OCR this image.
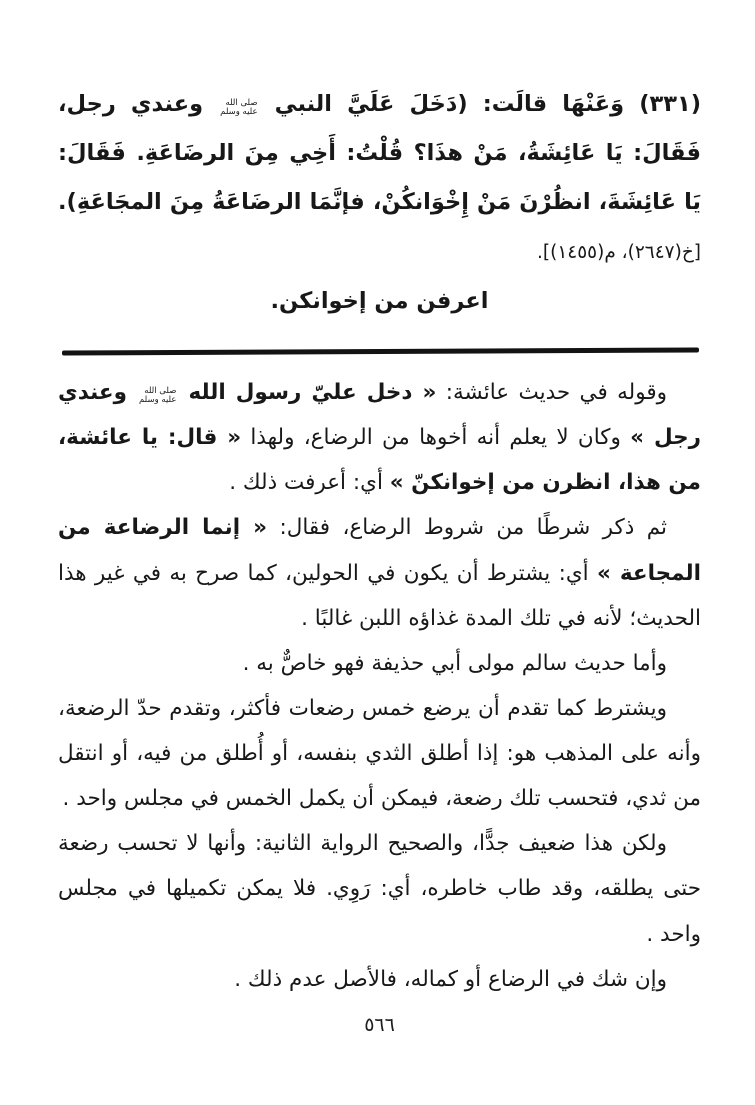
(٣٣١) وَعَنْهَا قالَت: (دَخَلَ عَلَيَّ النبي
صلى الله
عليه وسلم
وعندي رجل، فَقَالَ: يَا عَائِشَةُ، مَنْ هذَا؟ قُلْتُ: أَخِي مِنَ الرضَاعَةِ. فَقَالَ: يَا عَائِشَةَ، انظُرْنَ مَنْ إِخْوَانكُنْ، فإنَّمَا الرضَاعَةُ مِنَ المجَاعَةِ). [خ(٢٦٤٧)، م(١٤٥٥)].

اعرفن من إخوانكن.

وقوله في حديث عائشة: « دخل عليّ رسول الله
صلى الله
عليه وسلم
وعندي رجل » وكان لا يعلم أنه أخوها من الرضاع، ولهذا « قال: يا عائشة، من هذا، انظرن من إخوانكنّ » أي: أعرفت ذلك .

ثم ذكر شرطًا من شروط الرضاع، فقال: « إنما الرضاعة من المجاعة » أي: يشترط أن يكون في الحولين، كما صرح به في غير هذا الحديث؛ لأنه في تلك المدة غذاؤه اللبن غالبًا .

وأما حديث سالم مولى أبي حذيفة فهو خاصٌّ به .

ويشترط كما تقدم أن يرضع خمس رضعات فأكثر، وتقدم حدّ الرضعة، وأنه على المذهب هو: إذا أطلق الثدي بنفسه، أو أُطلق من فيه، أو انتقل من ثدي، فتحسب تلك رضعة، فيمكن أن يكمل الخمس في مجلس واحد .

ولكن هذا ضعيف جدًّا، والصحيح الرواية الثانية: وأنها لا تحسب رضعة حتى يطلقه، وقد طاب خاطره، أي: رَوِي. فلا يمكن تكميلها في مجلس واحد .

وإن شك في الرضاع أو كماله، فالأصل عدم ذلك .

٥٦٦
